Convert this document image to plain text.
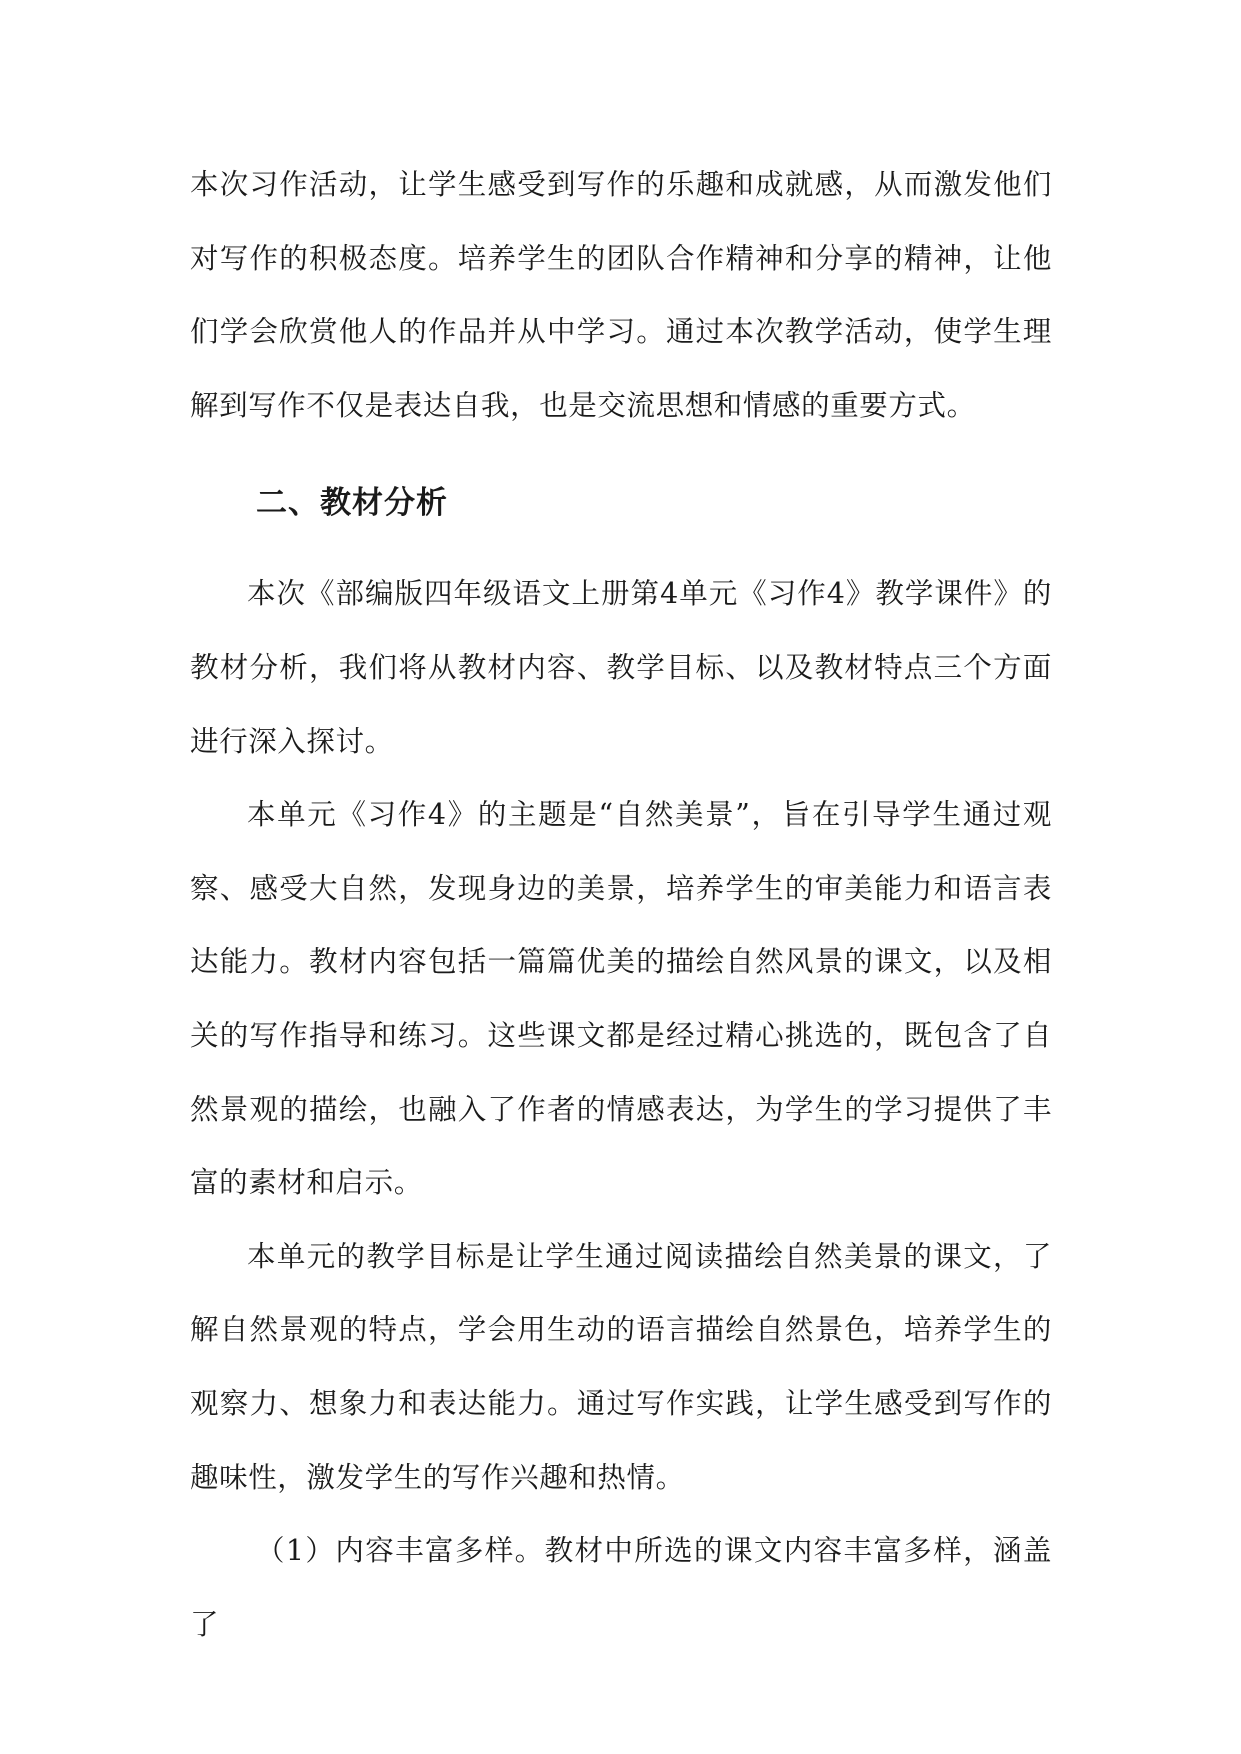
本次习作活动，让学生感受到写作的乐趣和成就感，从而激发他们对写作的积极态度。培养学生的团队合作精神和分享的精神，让他们学会欣赏他人的作品并从中学习。通过本次教学活动，使学生理解到写作不仅是表达自我，也是交流思想和情感的重要方式。

二、教材分析

本次《部编版四年级语文上册第4单元《习作4》教学课件》的教材分析，我们将从教材内容、教学目标、以及教材特点三个方面进行深入探讨。

本单元《习作4》的主题是“自然美景”，旨在引导学生通过观察、感受大自然，发现身边的美景，培养学生的审美能力和语言表达能力。教材内容包括一篇篇优美的描绘自然风景的课文，以及相关的写作指导和练习。这些课文都是经过精心挑选的，既包含了自然景观的描绘，也融入了作者的情感表达，为学生的学习提供了丰富的素材和启示。

本单元的教学目标是让学生通过阅读描绘自然美景的课文，了解自然景观的特点，学会用生动的语言描绘自然景色，培养学生的观察力、想象力和表达能力。通过写作实践，让学生感受到写作的趣味性，激发学生的写作兴趣和热情。

（1）内容丰富多样。教材中所选的课文内容丰富多样，涵盖了
